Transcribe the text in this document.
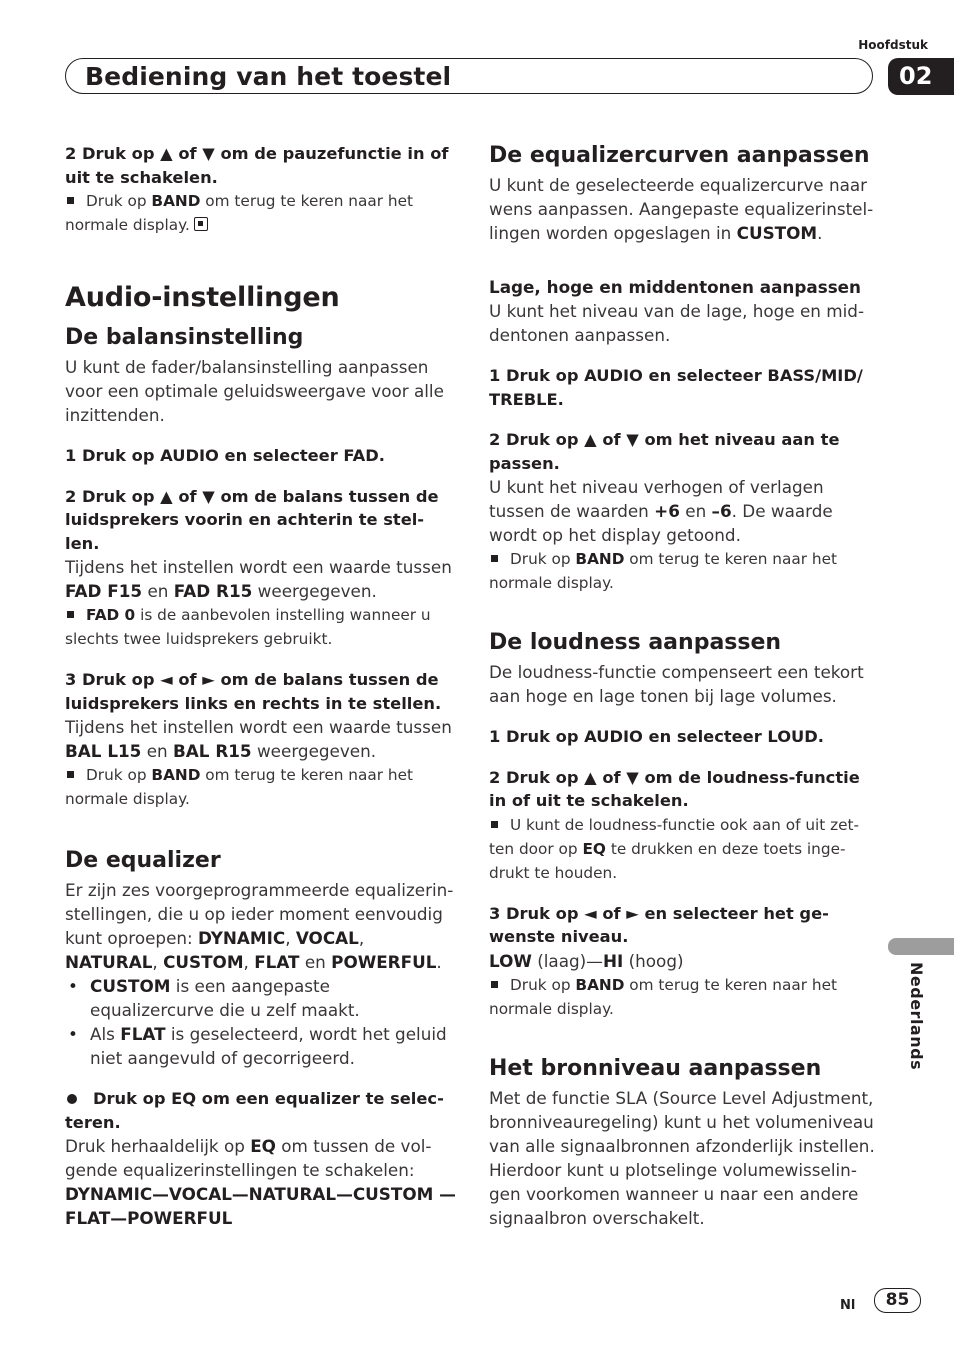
Hoofdstuk
Bediening van het toestel	02

2 Druk op ▲ of ▼ om de pauzefunctie in of uit te schakelen.

Druk op BAND om terug te keren naar het normale display.

Audio-instellingen

De balansinstelling

U kunt de fader/balansinstelling aanpassen voor een optimale geluidsweergave voor alle inzittenden.

1 Druk op AUDIO en selecteer FAD.

2 Druk op ▲ of ▼ om de balans tussen de luidsprekers voorin en achterin te stel-len.

Tijdens het instellen wordt een waarde tussen FAD F15 en FAD R15 weergegeven.

FAD 0 is de aanbevolen instelling wanneer u slechts twee luidsprekers gebruikt.

3 Druk op ◄ of ► om de balans tussen de luidsprekers links en rechts in te stellen.

Tijdens het instellen wordt een waarde tussen BAL L15 en BAL R15 weergegeven.

Druk op BAND om terug te keren naar het normale display.

De equalizer

Er zijn zes voorgeprogrammeerde equalizerin-stellingen, die u op ieder moment eenvoudig kunt oproepen: DYNAMIC, VOCAL, NATURAL, CUSTOM, FLAT en POWERFUL.

• CUSTOM is een aangepaste equalizercurve die u zelf maakt.
• Als FLAT is geselecteerd, wordt het geluid niet aangevuld of gecorrigeerd.

Druk op EQ om een equalizer te selec-teren.

Druk herhaaldelijk op EQ om tussen de vol-gende equalizerinstellingen te schakelen:

DYNAMIC—VOCAL—NATURAL—CUSTOM —FLAT—POWERFUL

De equalizercurven aanpassen

U kunt de geselecteerde equalizercurve naar wens aanpassen. Aangepaste equalizerinstel-lingen worden opgeslagen in CUSTOM.

Lage, hoge en middentonen aanpassen

U kunt het niveau van de lage, hoge en mid-dentonen aanpassen.

1 Druk op AUDIO en selecteer BASS/MID/ TREBLE.

2 Druk op ▲ of ▼ om het niveau aan te passen.

U kunt het niveau verhogen of verlagen tussen de waarden +6 en –6. De waarde wordt op het display getoond.

Druk op BAND om terug te keren naar het normale display.

De loudness aanpassen

De loudness-functie compenseert een tekort aan hoge en lage tonen bij lage volumes.

1 Druk op AUDIO en selecteer LOUD.

2 Druk op ▲ of ▼ om de loudness-functie in of uit te schakelen.

U kunt de loudness-functie ook aan of uit zet-ten door op EQ te drukken en deze toets inge-drukt te houden.

3 Druk op ◄ of ► en selecteer het ge-wenste niveau.

LOW (laag)—HI (hoog)

Druk op BAND om terug te keren naar het normale display.

Het bronniveau aanpassen

Met de functie SLA (Source Level Adjustment, bronniveauregeling) kunt u het volumeniveau van alle signaalbronnen afzonderlijk instellen. Hierdoor kunt u plotselinge volumewisselin-gen voorkomen wanneer u naar een andere signaalbron overschakelt.

Nederlands
Nl	85
